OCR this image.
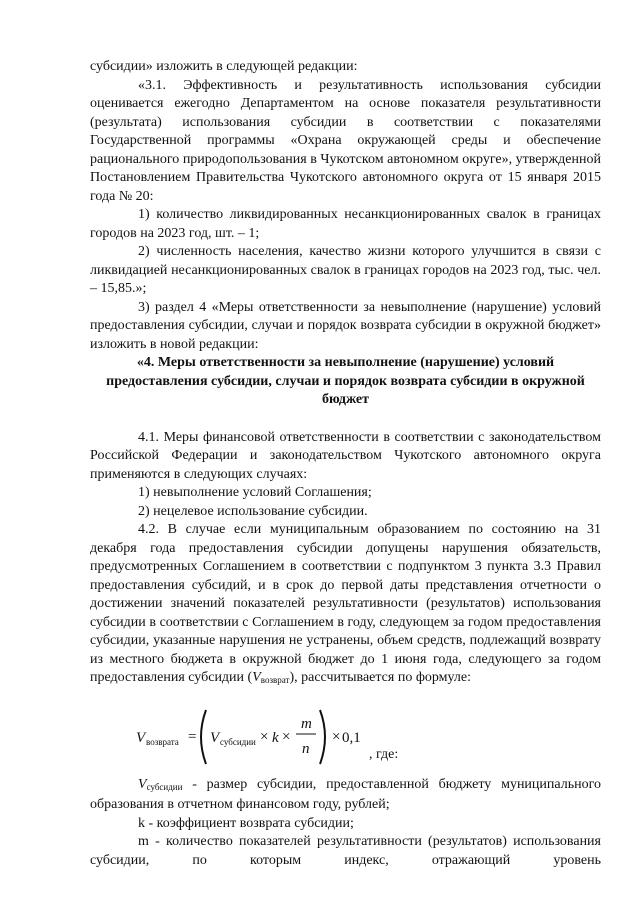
субсидии» изложить в следующей редакции:

«3.1. Эффективность и результативность использования субсидии оценивается ежегодно Департаментом на основе показателя результативности (результата) использования субсидии в соответствии с показателями Государственной программы «Охрана окружающей среды и обеспечение рационального природопользования в Чукотском автономном округе», утвержденной Постановлением Правительства Чукотского автономного округа от 15 января 2015 года № 20:

1) количество ликвидированных несанкционированных свалок в границах городов на 2023 год, шт. – 1;

2) численность населения, качество жизни которого улучшится в связи с ликвидацией несанкционированных свалок в границах городов на 2023 год, тыс. чел. – 15,85.»;

3) раздел 4 «Меры ответственности за невыполнение (нарушение) условий предоставления субсидии, случаи и порядок возврата субсидии в окружной бюджет» изложить в новой редакции:

«4. Меры ответственности за невыполнение (нарушение) условий предоставления субсидии, случаи и порядок возврата субсидии в окружной бюджет

4.1. Меры финансовой ответственности в соответствии с законодательством Российской Федерации и законодательством Чукотского автономного округа применяются в следующих случаях:

1) невыполнение условий Соглашения;

2) нецелевое использование субсидии.

4.2. В случае если муниципальным образованием по состоянию на 31 декабря года предоставления субсидии допущены нарушения обязательств, предусмотренных Соглашением в соответствии с подпунктом 3 пункта 3.3 Правил предоставления субсидий, и в срок до первой даты представления отчетности о достижении значений показателей результативности (результатов) использования субсидии в соответствии с Соглашением в году, следующем за годом предоставления субсидии, указанные нарушения не устранены, объем средств, подлежащий возврату из местного бюджета в окружной бюджет до 1 июня года, следующего за годом предоставления субсидии $(V_{возврат})$, рассчитывается по формуле:

V возврата = V субсидии × k ×
m
n
× 0,1
, где:

$V_{субсидии}$ - размер субсидии, предоставленной бюджету муниципального образования в отчетном финансовом году, рублей;

k - коэффициент возврата субсидии;

m - количество показателей результативности (результатов) использования субсидии, по которым индекс, отражающий уровень
